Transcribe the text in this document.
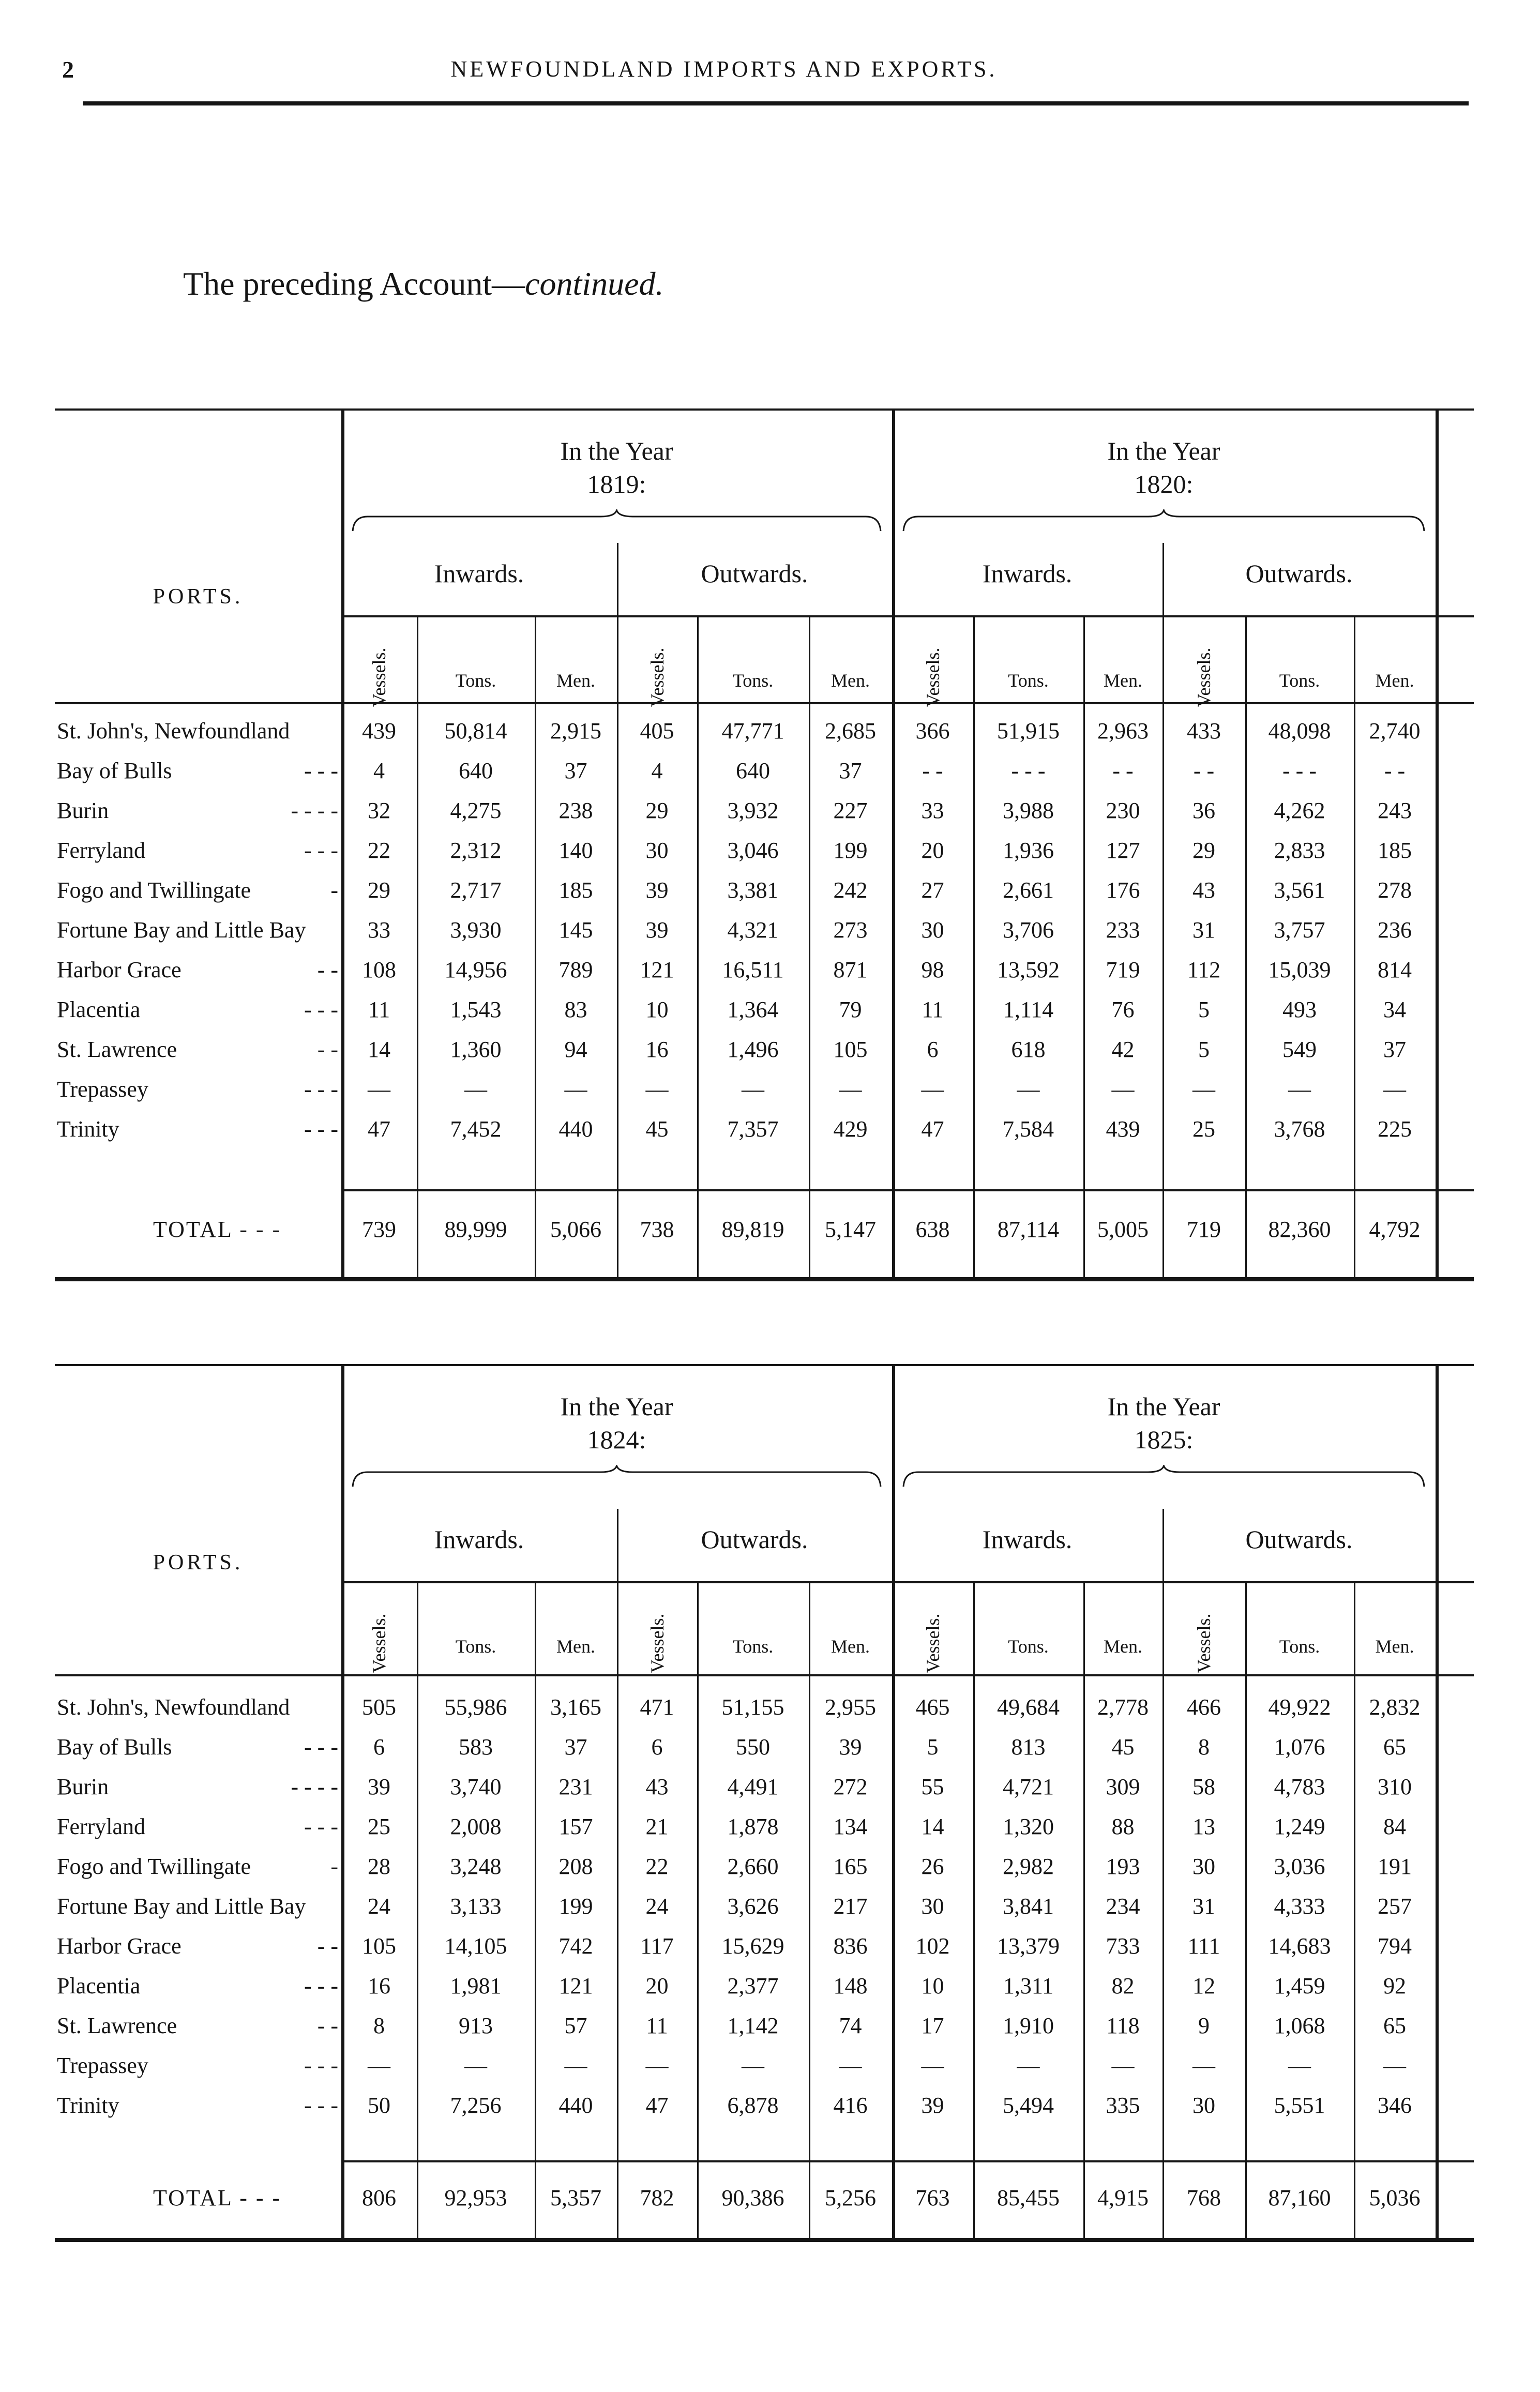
2	NEWFOUNDLAND IMPORTS AND EXPORTS.
The preceding Account—continued.
PORTS.
In the Year
1819:
In the Year
1820:
Inwards.	Outwards.	Inwards.	Outwards.
Vessels.	Tons.	Men.	Vessels.	Tons.	Men.	Vessels.	Tons.	Men.	Vessels.	Tons.	Men.
St. John's, Newfoundland	439	50,814	2,915	405	47,771	2,685	366	51,915	2,963	433	48,098	2,740
Bay of Bulls	- - -	4	640	37	4	640	37	- -	- - -	- -	- -	- - -	- -
Burin	- - - -	32	4,275	238	29	3,932	227	33	3,988	230	36	4,262	243
Ferryland	- - -	22	2,312	140	30	3,046	199	20	1,936	127	29	2,833	185
Fogo and Twillingate	-	29	2,717	185	39	3,381	242	27	2,661	176	43	3,561	278
Fortune Bay and Little Bay	33	3,930	145	39	4,321	273	30	3,706	233	31	3,757	236
Harbor Grace	- -	108	14,956	789	121	16,511	871	98	13,592	719	112	15,039	814
Placentia	- - -	11	1,543	83	10	1,364	79	11	1,114	76	5	493	34
St. Lawrence	- -	14	1,360	94	16	1,496	105	6	618	42	5	549	37
Trepassey	- - -	—	—	—	—	—	—	—	—	—	—	—	—
Trinity	- - -	47	7,452	440	45	7,357	429	47	7,584	439	25	3,768	225
TOTAL - - -	739	89,999	5,066	738	89,819	5,147	638	87,114	5,005	719	82,360	4,792
PORTS.
In the Year
1824:
In the Year
1825:
Inwards.	Outwards.	Inwards.	Outwards.
Vessels.	Tons.	Men.	Vessels.	Tons.	Men.	Vessels.	Tons.	Men.	Vessels.	Tons.	Men.
St. John's, Newfoundland	505	55,986	3,165	471	51,155	2,955	465	49,684	2,778	466	49,922	2,832
Bay of Bulls	- - -	6	583	37	6	550	39	5	813	45	8	1,076	65
Burin	- - - -	39	3,740	231	43	4,491	272	55	4,721	309	58	4,783	310
Ferryland	- - -	25	2,008	157	21	1,878	134	14	1,320	88	13	1,249	84
Fogo and Twillingate	-	28	3,248	208	22	2,660	165	26	2,982	193	30	3,036	191
Fortune Bay and Little Bay	24	3,133	199	24	3,626	217	30	3,841	234	31	4,333	257
Harbor Grace	- -	105	14,105	742	117	15,629	836	102	13,379	733	111	14,683	794
Placentia	- - -	16	1,981	121	20	2,377	148	10	1,311	82	12	1,459	92
St. Lawrence	- -	8	913	57	11	1,142	74	17	1,910	118	9	1,068	65
Trepassey	- - -	—	—	—	—	—	—	—	—	—	—	—	—
Trinity	- - -	50	7,256	440	47	6,878	416	39	5,494	335	30	5,551	346
TOTAL - - -	806	92,953	5,357	782	90,386	5,256	763	85,455	4,915	768	87,160	5,036
